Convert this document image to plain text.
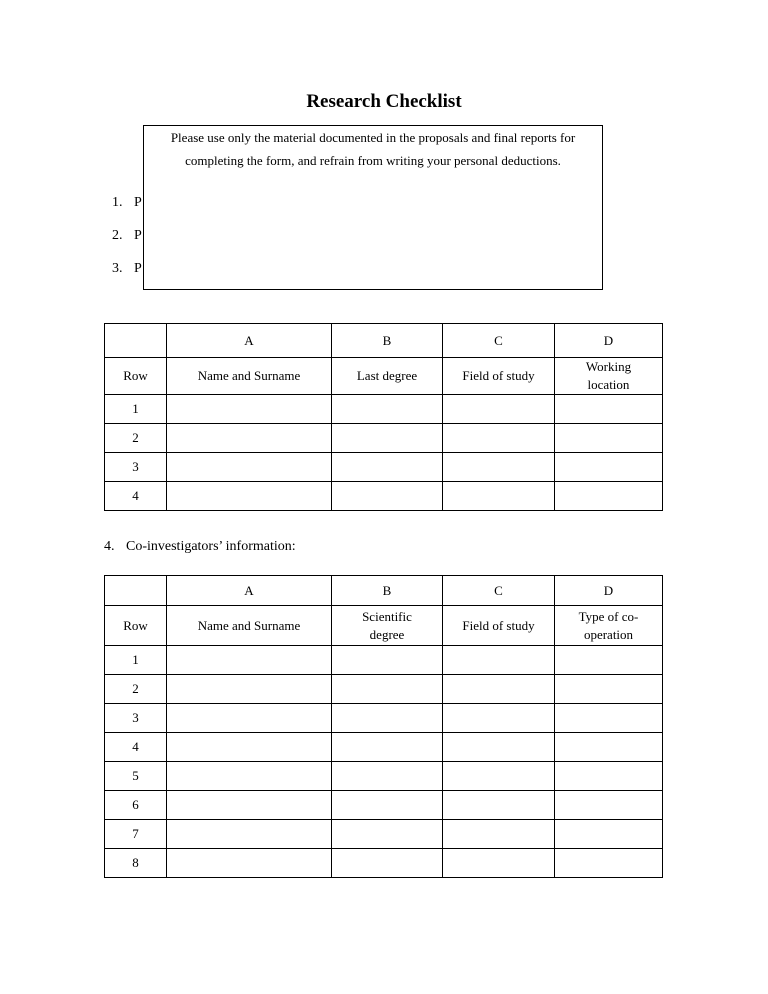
Research Checklist
1. P
2. P
3. P
Please use only the material documented in the proposals and final reports for
completing the form, and refrain from writing your personal deductions.
	A	B	C	D
Row	Name and Surname	Last degree	Field of study	Working location
1				
2				
3				
4				
4. Co-investigators’ information:
	A	B	C	D
Row	Name and Surname	Scientific degree	Field of study	Type of co-operation
1				
2				
3				
4				
5				
6				
7				
8				
